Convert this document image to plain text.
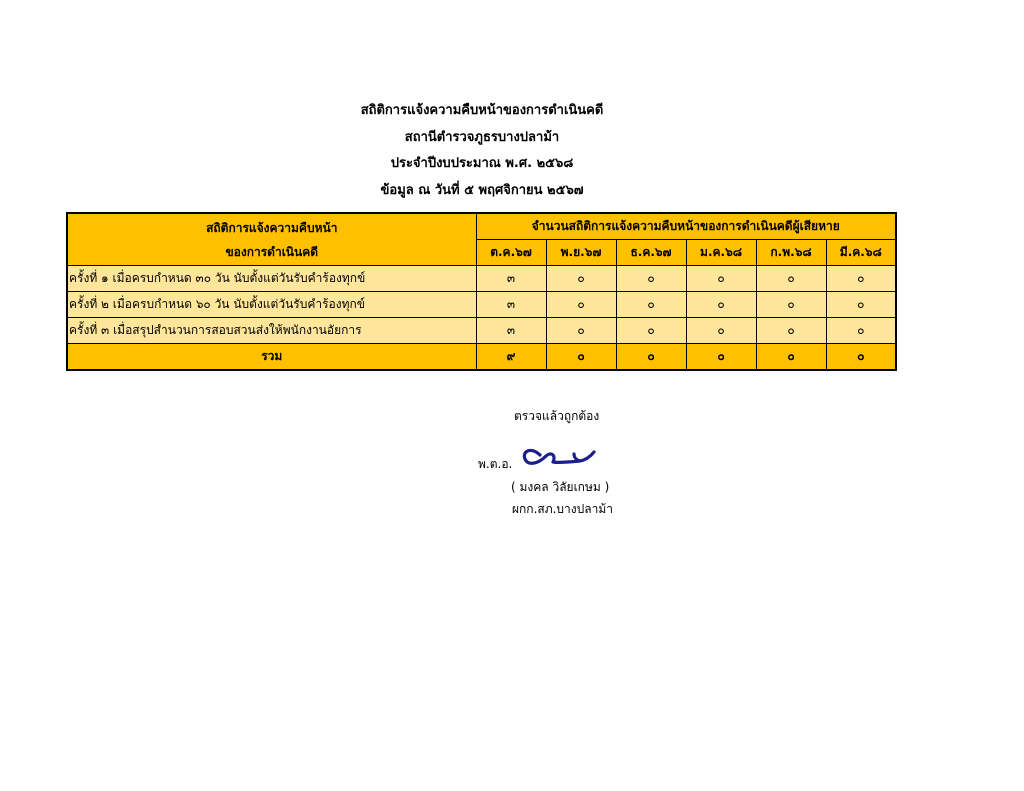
สถิติการแจ้งความคืบหน้าของการดำเนินคดี
สถานีตำรวจภูธรบางปลาม้า
ประจำปีงบประมาณ พ.ศ. ๒๕๖๘
ข้อมูล ณ วันที่ ๕ พฤศจิกายน ๒๕๖๗
สถิติการแจ้งความคืบหน้า
ของการดำเนินคดี	จำนวนสถิติการแจ้งความคืบหน้าของการดำเนินคดีผู้เสียหาย					
	ต.ค.๖๗	พ.ย.๖๗	ธ.ค.๖๗	ม.ค.๖๘	ก.พ.๖๘	มี.ค.๖๘
ครั้งที่ ๑ เมื่อครบกำหนด ๓๐ วัน นับตั้งแต่วันรับคำร้องทุกข์	๓	๐	๐	๐	๐	๐
ครั้งที่ ๒ เมื่อครบกำหนด ๖๐ วัน นับตั้งแต่วันรับคำร้องทุกข์	๓	๐	๐	๐	๐	๐
ครั้งที่ ๓ เมื่อสรุปสำนวนการสอบสวนส่งให้พนักงานอัยการ	๓	๐	๐	๐	๐	๐
รวม	๙	๐	๐	๐	๐	๐
ตรวจแล้วถูกต้อง
พ.ต.อ.
( มงคล วิลัยเกษม )
ผกก.สภ.บางปลาม้า
